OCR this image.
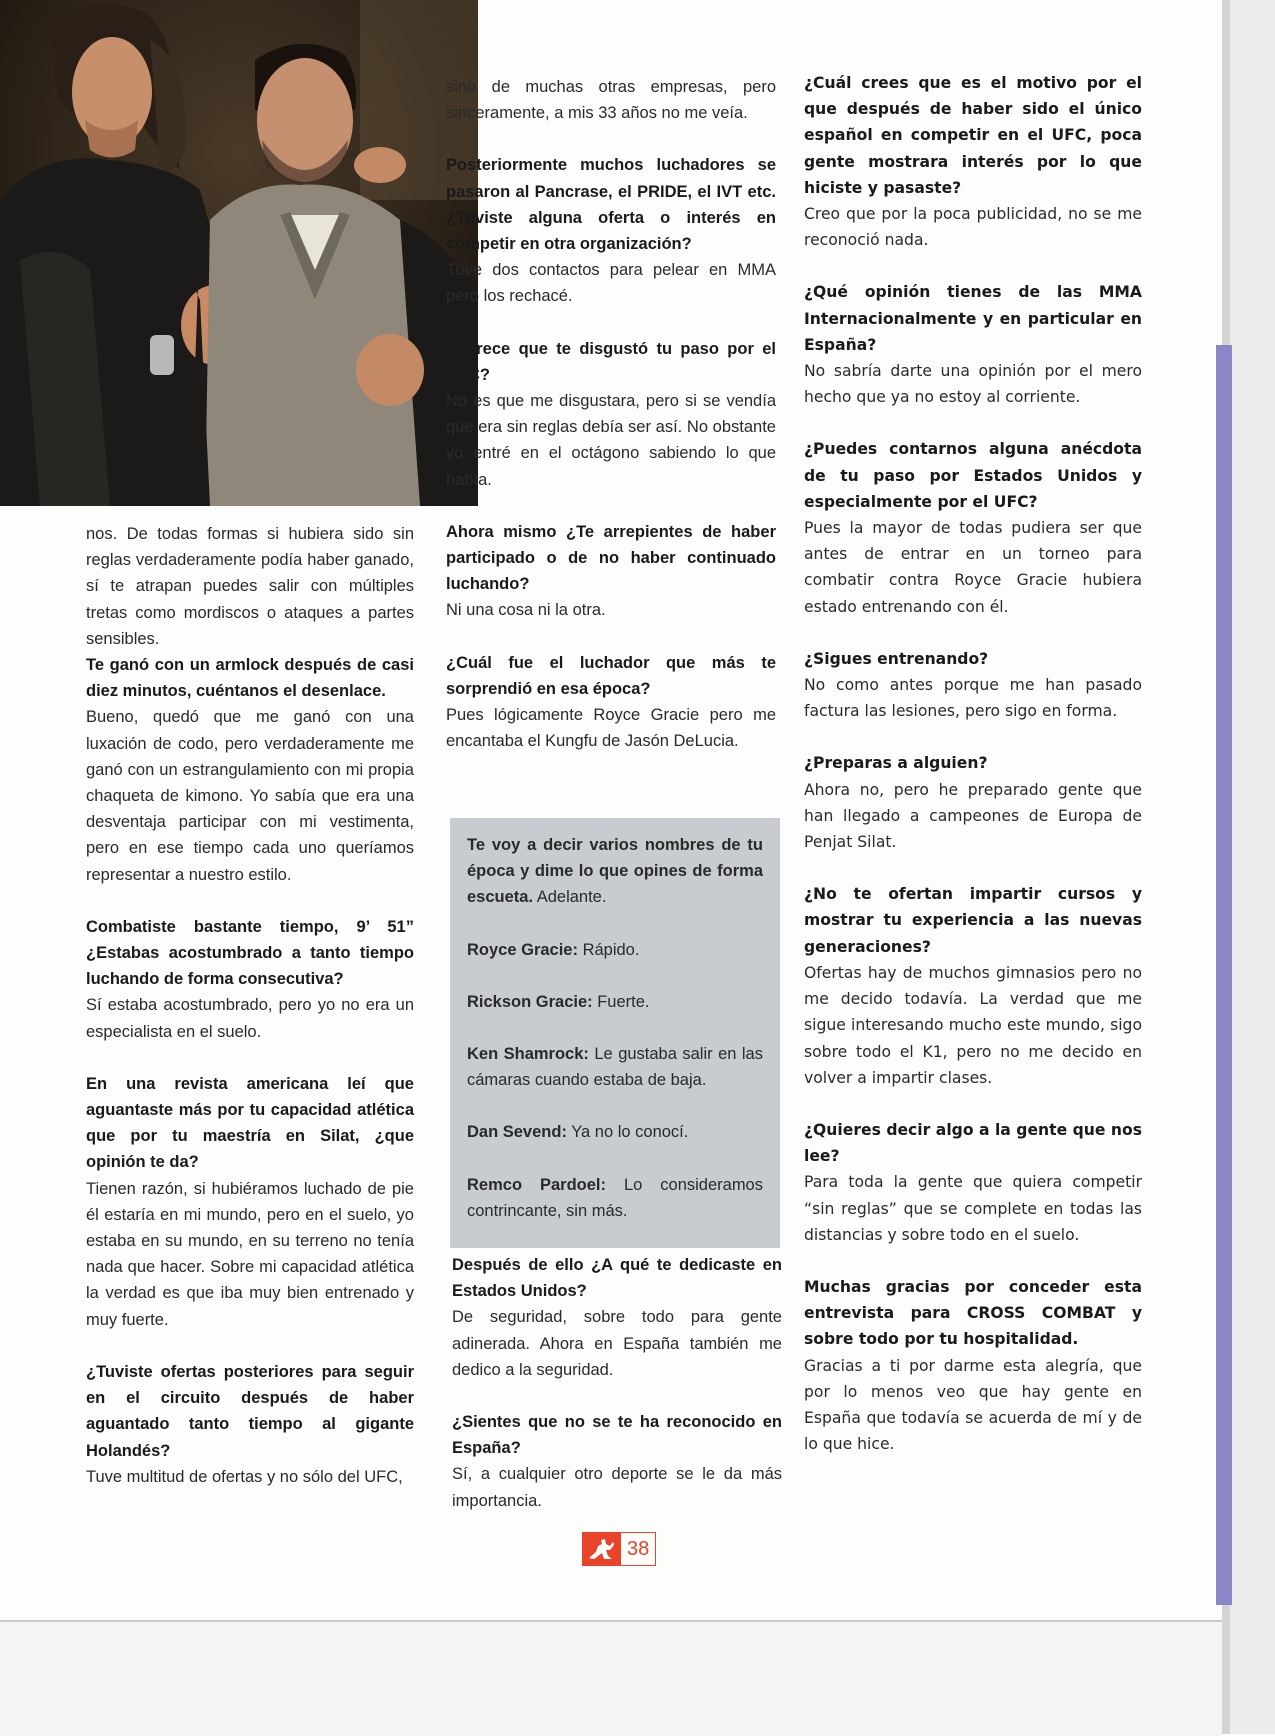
nos. De todas formas si hubiera sido sin reglas verdaderamente podía haber ganado, sí te atrapan puedes salir con múltiples tretas como mordiscos o ataques a partes sensibles.

Te ganó con un armlock después de casi diez minutos, cuéntanos el desenlace.

Bueno, quedó que me ganó con una luxación de codo, pero verdaderamente me ganó con un estrangulamiento con mi propia chaqueta de kimono. Yo sabía que era una desventaja participar con mi vestimenta, pero en ese tiempo cada uno queríamos representar a nuestro estilo.

Combatiste bastante tiempo, 9’ 51” ¿Estabas acostumbrado a tanto tiempo luchando de forma consecutiva?

Sí estaba acostumbrado, pero yo no era un especialista en el suelo.

En una revista americana leí que aguantaste más por tu capacidad atlética que por tu maestría en Silat, ¿que opinión te da?

Tienen razón, si hubiéramos luchado de pie él estaría en mi mundo, pero en el suelo, yo estaba en su mundo, en su terreno no tenía nada que hacer. Sobre mi capacidad atlética la verdad es que iba muy bien entrenado y muy fuerte.

¿Tuviste ofertas posteriores para seguir en el circuito después de haber aguantado tanto tiempo al gigante Holandés?

Tuve multitud de ofertas y no sólo del UFC,

sino de muchas otras empresas, pero sinceramente, a mis 33 años no me veía.

Posteriormente muchos luchadores se pasaron al Pancrase, el PRIDE, el IVT etc. ¿Tuviste alguna oferta o interés en competir en otra organización?

Tuve dos contactos para pelear en MMA pero los rechacé.

¿Parece que te disgustó tu paso por el UFC?

No es que me disgustara, pero si se vendía que era sin reglas debía ser así. No obstante yo entré en el octágono sabiendo lo que había.

Ahora mismo ¿Te arrepientes de haber participado o de no haber continuado luchando?

Ni una cosa ni la otra.

¿Cuál fue el luchador que más te sorprendió en esa época?

Pues lógicamente Royce Gracie pero me encantaba el Kungfu de Jasón DeLucia.

Te voy a decir varios nombres de tu época y dime lo que opines de forma escueta. Adelante.

Royce Gracie: Rápido.

Rickson Gracie: Fuerte.

Ken Shamrock: Le gustaba salir en las cámaras cuando estaba de baja.

Dan Sevend: Ya no lo conocí.

Remco Pardoel: Lo consideramos contrincante, sin más.

Después de ello ¿A qué te dedicaste en Estados Unidos?

De seguridad, sobre todo para gente adinerada. Ahora en España también me dedico a la seguridad.

¿Sientes que no se te ha reconocido en España?

Sí, a cualquier otro deporte se le da más importancia.

¿Cuál crees que es el motivo por el que después de haber sido el único español en competir en el UFC, poca gente mostrara interés por lo que hiciste y pasaste?

Creo que por la poca publicidad, no se me reconoció nada.

¿Qué opinión tienes de las MMA Internacionalmente y en particular en España?

No sabría darte una opinión por el mero hecho que ya no estoy al corriente.

¿Puedes contarnos alguna anécdota de tu paso por Estados Unidos y especialmente por el UFC?

Pues la mayor de todas pudiera ser que antes de entrar en un torneo para combatir contra Royce Gracie hubiera estado entrenando con él.

¿Sigues entrenando?

No como antes porque me han pasado factura las lesiones, pero sigo en forma.

¿Preparas a alguien?

Ahora no, pero he preparado gente que han llegado a campeones de Europa de Penjat Silat.

¿No te ofertan impartir cursos y mostrar tu experiencia a las nuevas generaciones?

Ofertas hay de muchos gimnasios pero no me decido todavía. La verdad que me sigue interesando mucho este mundo, sigo sobre todo el K1, pero no me decido en volver a impartir clases.

¿Quieres decir algo a la gente que nos lee?

Para toda la gente que quiera competir “sin reglas” que se complete en todas las distancias y sobre todo en el suelo.

Muchas gracias por conceder esta entrevista para CROSS COMBAT y sobre todo por tu hospitalidad.

Gracias a ti por darme esta alegría, que por lo menos veo que hay gente en España que todavía se acuerda de mí y de lo que hice.

38
